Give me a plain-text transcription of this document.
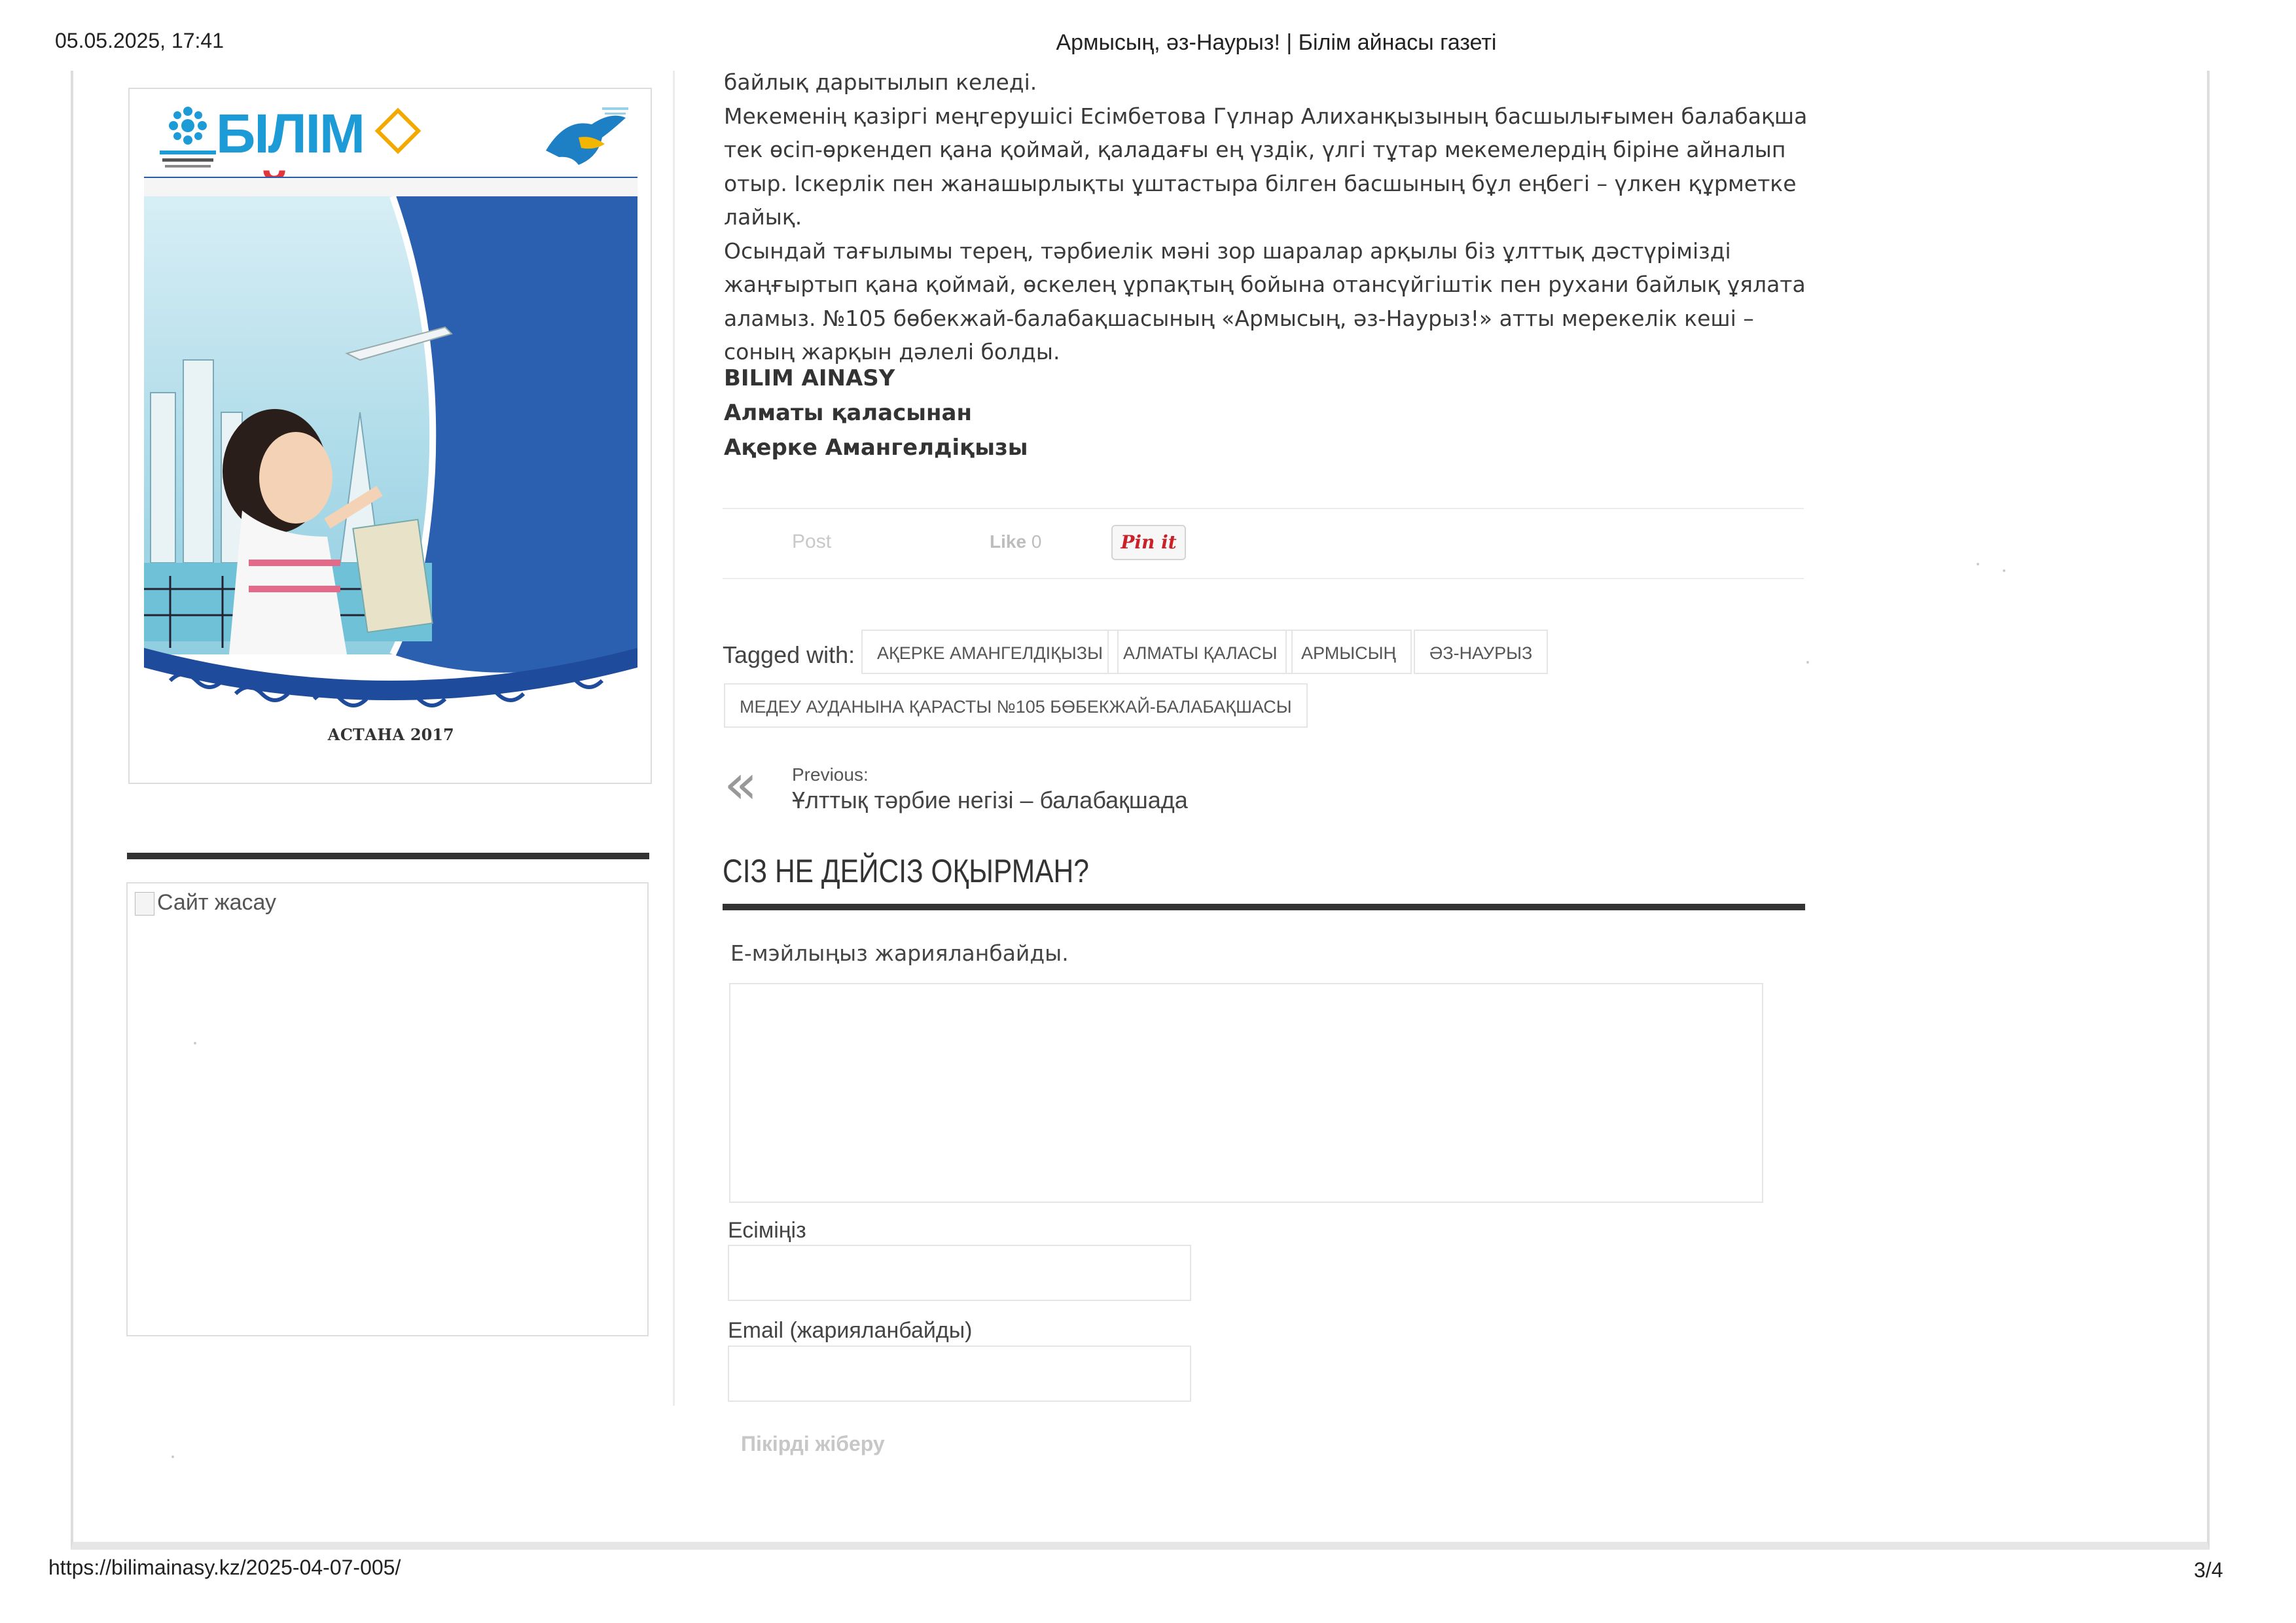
05.05.2025, 17:41	Армысың, әз-Наурыз! | Білім айнасы газеті
БІЛІМ
АСТАНА 2017
Сайт жасау

байлық дарытылып келеді.

Мекеменің қазіргі меңгерушісі Есімбетова Гүлнар Алиханқызының басшылығымен балабақша тек өсіп-өркендеп қана қоймай, қаладағы ең үздік, үлгі тұтар мекемелердің біріне айналып отыр. Іскерлік пен жанашырлықты ұштастыра білген басшының бұл еңбегі – үлкен құрметке лайық.

Осындай тағылымы терең, тәрбиелік мәні зор шаралар арқылы біз ұлттық дәстүрімізді жаңғыртып қана қоймай, өскелең ұрпақтың бойына отансүйгіштік пен рухани байлық ұялата аламыз. №105 бөбекжай-балабақшасының «Армысың, әз-Наурыз!» атты мерекелік кеші – соның жарқын дәлелі болды.

BILIM AINASY
Алматы қаласынан
Ақерке Амангелдіқызы
Post	Like 0	Pin it
Tagged with:	АҚЕРКЕ АМАНГЕЛДІҚЫЗЫ	АЛМАТЫ ҚАЛАСЫ	АРМЫСЫҢ	ӘЗ-НАУРЫЗ
МЕДЕУ АУДАНЫНА ҚАРАСТЫ №105 БӨБЕКЖАЙ-БАЛАБАҚШАСЫ
« Previous:
Ұлттық тәрбие негізі – балабақшада
СІЗ НЕ ДЕЙСІЗ ОҚЫРМАН?
Е-мэйлыңыз жарияланбайды.
Есіміңіз
Email (жарияланбайды)
Пікірді жіберу
https://bilimainasy.kz/2025-04-07-005/	3/4
